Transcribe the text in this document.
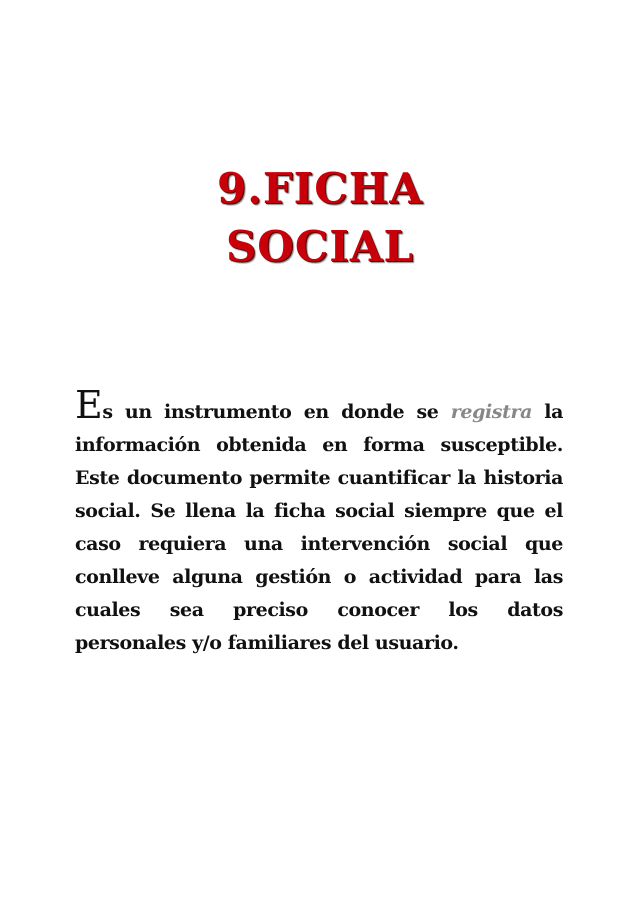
9.FICHA
SOCIAL

Es un instrumento en donde se registra la información obtenida en forma susceptible. Este documento permite cuantificar la historia social. Se llena la ficha social siempre que el caso requiera una intervención social que conlleve alguna gestión o actividad para las cuales sea preciso conocer los datos personales y/o familiares del usuario.
